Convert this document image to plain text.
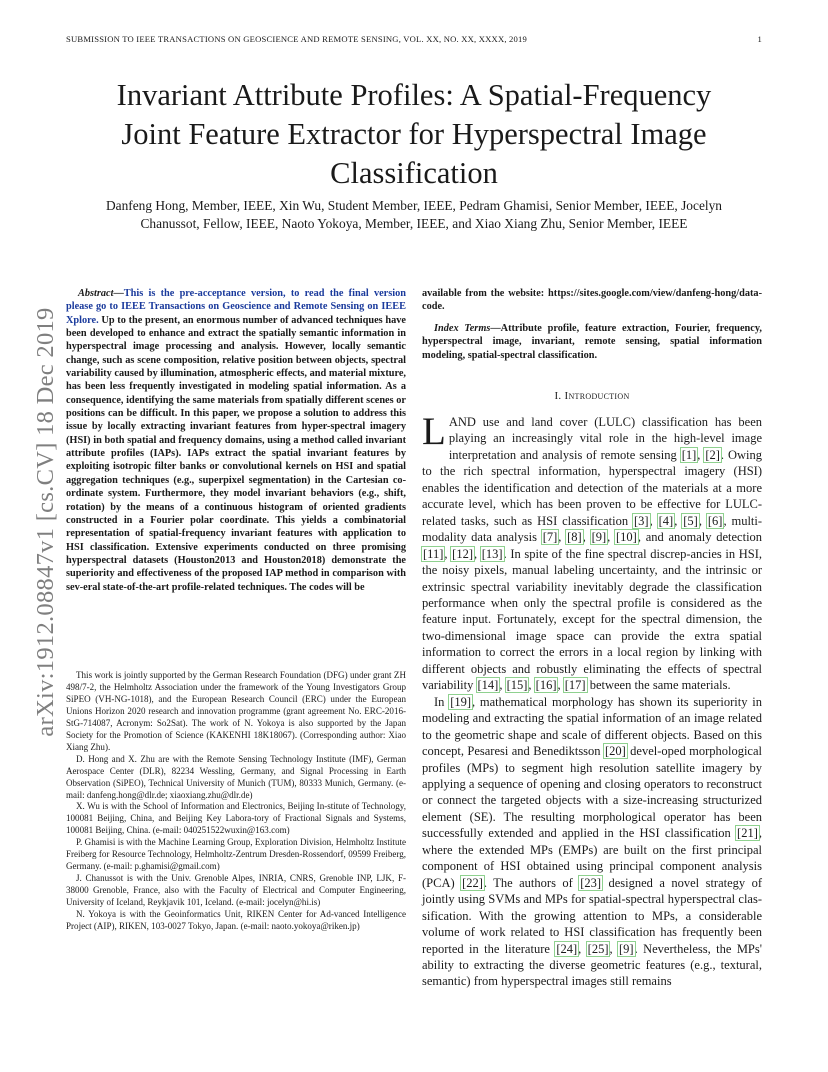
SUBMISSION TO IEEE TRANSACTIONS ON GEOSCIENCE AND REMOTE SENSING, VOL. XX, NO. XX, XXXX, 2019	1
arXiv:1912.08847v1 [cs.CV] 18 Dec 2019
Invariant Attribute Profiles: A Spatial-Frequency
Joint Feature Extractor for Hyperspectral Image
Classification
Danfeng Hong, Member, IEEE, Xin Wu, Student Member, IEEE, Pedram Ghamisi, Senior Member, IEEE, Jocelyn
Chanussot, Fellow, IEEE, Naoto Yokoya, Member, IEEE, and Xiao Xiang Zhu, Senior Member, IEEE
Abstract—This is the pre-acceptance version, to read the final version please go to IEEE Transactions on Geoscience and Remote Sensing on IEEE Xplore. Up to the present, an enormous number of advanced techniques have been developed to enhance and extract the spatially semantic information in hyperspectral image processing and analysis. However, locally semantic change, such as scene composition, relative position between objects, spectral variability caused by illumination, atmospheric effects, and material mixture, has been less frequently investigated in modeling spatial information. As a consequence, identifying the same materials from spatially different scenes or positions can be difficult. In this paper, we propose a solution to address this issue by locally extracting invariant features from hyper-spectral imagery (HSI) in both spatial and frequency domains, using a method called invariant attribute profiles (IAPs). IAPs extract the spatial invariant features by exploiting isotropic filter banks or convolutional kernels on HSI and spatial aggregation techniques (e.g., superpixel segmentation) in the Cartesian co-ordinate system. Furthermore, they model invariant behaviors (e.g., shift, rotation) by the means of a continuous histogram of oriented gradients constructed in a Fourier polar coordinate. This yields a combinatorial representation of spatial-frequency invariant features with application to HSI classification. Extensive experiments conducted on three promising hyperspectral datasets (Houston2013 and Houston2018) demonstrate the superiority and effectiveness of the proposed IAP method in comparison with sev-eral state-of-the-art profile-related techniques. The codes will be

This work is jointly supported by the German Research Foundation (DFG) under grant ZH 498/7-2, the Helmholtz Association under the framework of the Young Investigators Group SiPEO (VH-NG-1018), and the European Research Council (ERC) under the European Unions Horizon 2020 research and innovation programme (grant agreement No. ERC-2016-StG-714087, Acronym: So2Sat). The work of N. Yokoya is also supported by the Japan Society for the Promotion of Science (KAKENHI 18K18067). (Corresponding author: Xiao Xiang Zhu).

D. Hong and X. Zhu are with the Remote Sensing Technology Institute (IMF), German Aerospace Center (DLR), 82234 Wessling, Germany, and Signal Processing in Earth Observation (SiPEO), Technical University of Munich (TUM), 80333 Munich, Germany. (e-mail: danfeng.hong@dlr.de; xiaoxiang.zhu@dlr.de)

X. Wu is with the School of Information and Electronics, Beijing In-stitute of Technology, 100081 Beijing, China, and Beijing Key Labora-tory of Fractional Signals and Systems, 100081 Beijing, China. (e-mail: 040251522wuxin@163.com)

P. Ghamisi is with the Machine Learning Group, Exploration Division, Helmholtz Institute Freiberg for Resource Technology, Helmholtz-Zentrum Dresden-Rossendorf, 09599 Freiberg, Germany. (e-mail: p.ghamisi@gmail.com)

J. Chanussot is with the Univ. Grenoble Alpes, INRIA, CNRS, Grenoble INP, LJK, F-38000 Grenoble, France, also with the Faculty of Electrical and Computer Engineering, University of Iceland, Reykjavik 101, Iceland. (e-mail: jocelyn@hi.is)

N. Yokoya is with the Geoinformatics Unit, RIKEN Center for Ad-vanced Intelligence Project (AIP), RIKEN, 103-0027 Tokyo, Japan. (e-mail: naoto.yokoya@riken.jp)

available from the website: https://sites.google.com/view/danfeng-hong/data-code.
Index Terms—Attribute profile, feature extraction, Fourier, frequency, hyperspectral image, invariant, remote sensing, spatial information modeling, spatial-spectral classification.
I. Introduction

LAND use and land cover (LULC) classification has been playing an increasingly vital role in the high-level image interpretation and analysis of remote sensing [1], [2]. Owing to the rich spectral information, hyperspectral imagery (HSI) enables the identification and detection of the materials at a more accurate level, which has been proven to be effective for LULC-related tasks, such as HSI classification [3], [4], [5], [6], multi-modality data analysis [7], [8], [9], [10], and anomaly detection [11], [12], [13]. In spite of the fine spectral discrep-ancies in HSI, the noisy pixels, manual labeling uncertainty, and the intrinsic or extrinsic spectral variability inevitably degrade the classification performance when only the spectral profile is considered as the feature input. Fortunately, except for the spectral dimension, the two-dimensional image space can provide the extra spatial information to correct the errors in a local region by linking with different objects and robustly eliminating the effects of spectral variability [14], [15], [16], [17] between the same materials.

In [19], mathematical morphology has shown its superiority in modeling and extracting the spatial information of an image related to the geometric shape and scale of different objects. Based on this concept, Pesaresi and Benediktsson [20] devel-oped morphological profiles (MPs) to segment high resolution satellite imagery by applying a sequence of opening and closing operators to reconstruct or connect the targeted objects with a size-increasing structurized element (SE). The resulting morphological operator has been successfully extended and applied in the HSI classification [21], where the extended MPs (EMPs) are built on the first principal component of HSI obtained using principal component analysis (PCA) [22]. The authors of [23] designed a novel strategy of jointly using SVMs and MPs for spatial-spectral hyperspectral clas-sification. With the growing attention to MPs, a considerable volume of work related to HSI classification has frequently been reported in the literature [24], [25], [9]. Nevertheless, the MPs' ability to extracting the diverse geometric features (e.g., textural, semantic) from hyperspectral images still remains
